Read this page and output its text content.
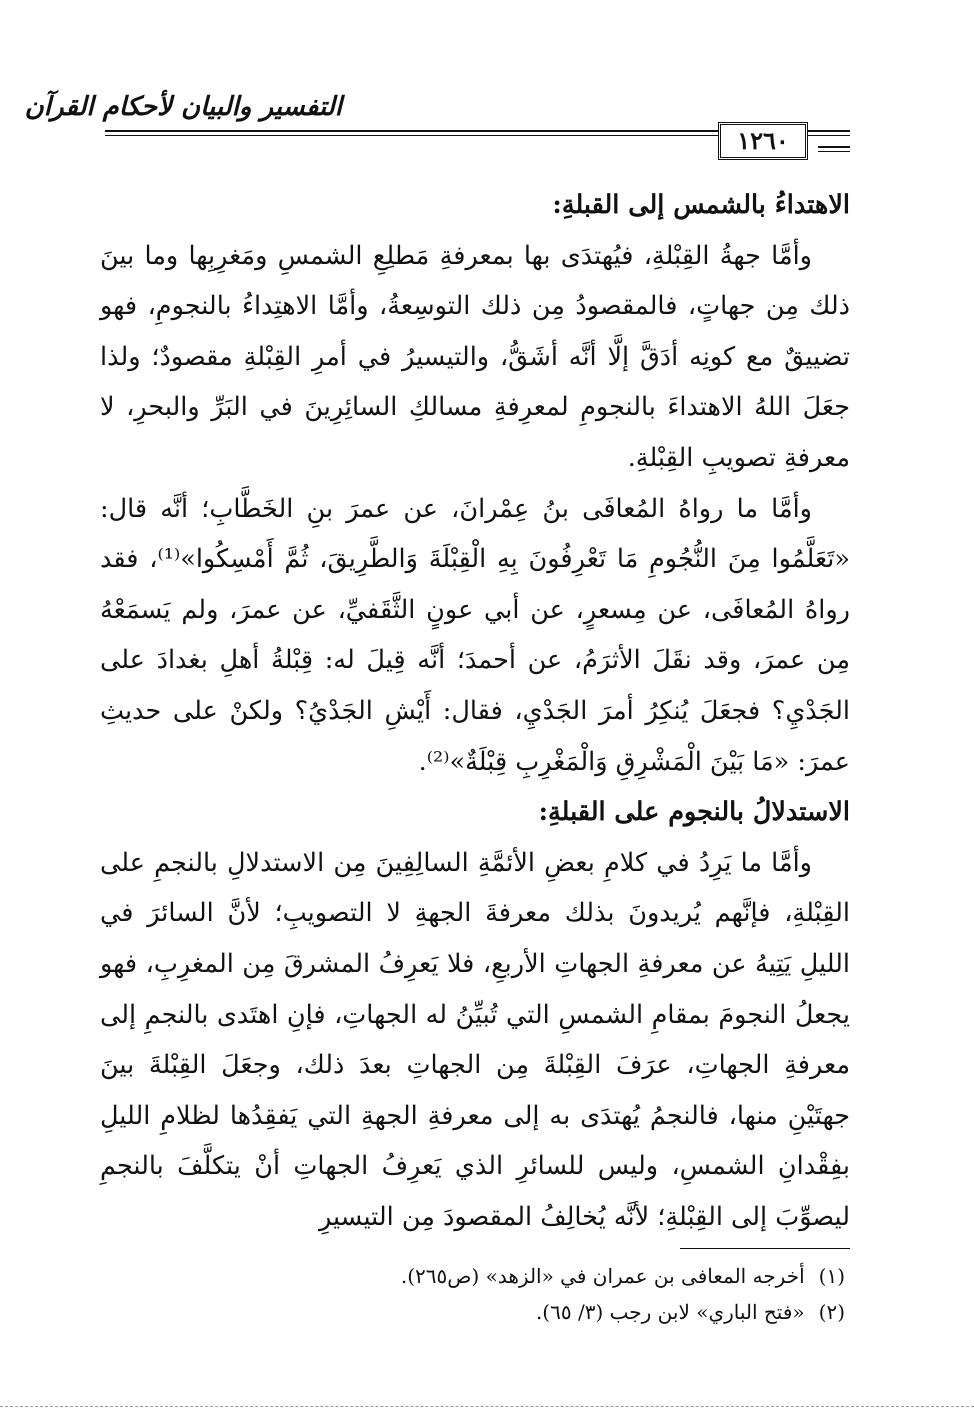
التفسير والبيان لأحكام القرآن
١٢٦٠

الاهتداءُ بالشمس إلى القبلةِ:

وأمَّا جهةُ القِبْلةِ، فيُهتدَى بها بمعرفةِ مَطلِعِ الشمسِ ومَغرِبِها وما بينَ ذلك مِن جهاتٍ، فالمقصودُ مِن ذلك التوسِعةُ، وأمَّا الاهتِداءُ بالنجومِ، فهو تضييقٌ مع كونِه أدَقَّ إلَّا أنَّه أشَقُّ، والتيسيرُ في أمرِ القِبْلةِ مقصودٌ؛ ولذا جعَلَ اللهُ الاهتداءَ بالنجومِ لمعرِفةِ مسالكِ السائِرِينَ في البَرِّ والبحرِ، لا معرفةِ تصويبِ القِبْلةِ.

وأمَّا ما رواهُ المُعافَى بنُ عِمْرانَ، عن عمرَ بنِ الخَطَّابِ؛ أنَّه قال: «تَعَلَّمُوا مِنَ النُّجُومِ مَا تَعْرِفُونَ بِهِ الْقِبْلَةَ وَالطَّرِيقَ، ثُمَّ أَمْسِكُوا»⁽¹⁾، فقد رواهُ المُعافَى، عن مِسعرٍ، عن أبي عونٍ الثَّقَفيِّ، عن عمرَ، ولم يَسمَعْهُ مِن عمرَ، وقد نقَلَ الأثرَمُ، عن أحمدَ؛ أنَّه قِيلَ له: قِبْلةُ أهلِ بغدادَ على الجَدْيِ؟ فجعَلَ يُنكِرُ أمرَ الجَدْيِ، فقال: أَيْشِ الجَدْيُ؟ ولكنْ على حديثِ عمرَ: «مَا بَيْنَ الْمَشْرِقِ وَالْمَغْرِبِ قِبْلَةٌ»⁽²⁾.

الاستدلالُ بالنجوم على القبلةِ:

وأمَّا ما يَرِدُ في كلامِ بعضِ الأئمَّةِ السالِفِينَ مِن الاستدلالِ بالنجمِ على القِبْلةِ، فإنَّهم يُريدونَ بذلك معرفةَ الجهةِ لا التصويبِ؛ لأنَّ السائرَ في الليلِ يَتِيهُ عن معرفةِ الجهاتِ الأربعِ، فلا يَعرِفُ المشرقَ مِن المغرِبِ، فهو يجعلُ النجومَ بمقامِ الشمسِ التي تُبيِّنُ له الجهاتِ، فإنِ اهتَدى بالنجمِ إلى معرفةِ الجهاتِ، عرَفَ القِبْلةَ مِن الجهاتِ بعدَ ذلك، وجعَلَ القِبْلةَ بينَ جهتَيْنِ منها، فالنجمُ يُهتدَى به إلى معرفةِ الجهةِ التي يَفقِدُها لظلامِ الليلِ بفِقْدانِ الشمسِ، وليس للسائرِ الذي يَعرِفُ الجهاتِ أنْ يتكلَّفَ بالنجمِ ليصوِّبَ إلى القِبْلةِ؛ لأنَّه يُخالِفُ المقصودَ مِن التيسيرِ

(١) أخرجه المعافى بن عمران في «الزهد» (ص٢٦٥).

(٢) «فتح الباري» لابن رجب (٣/ ٦٥).
